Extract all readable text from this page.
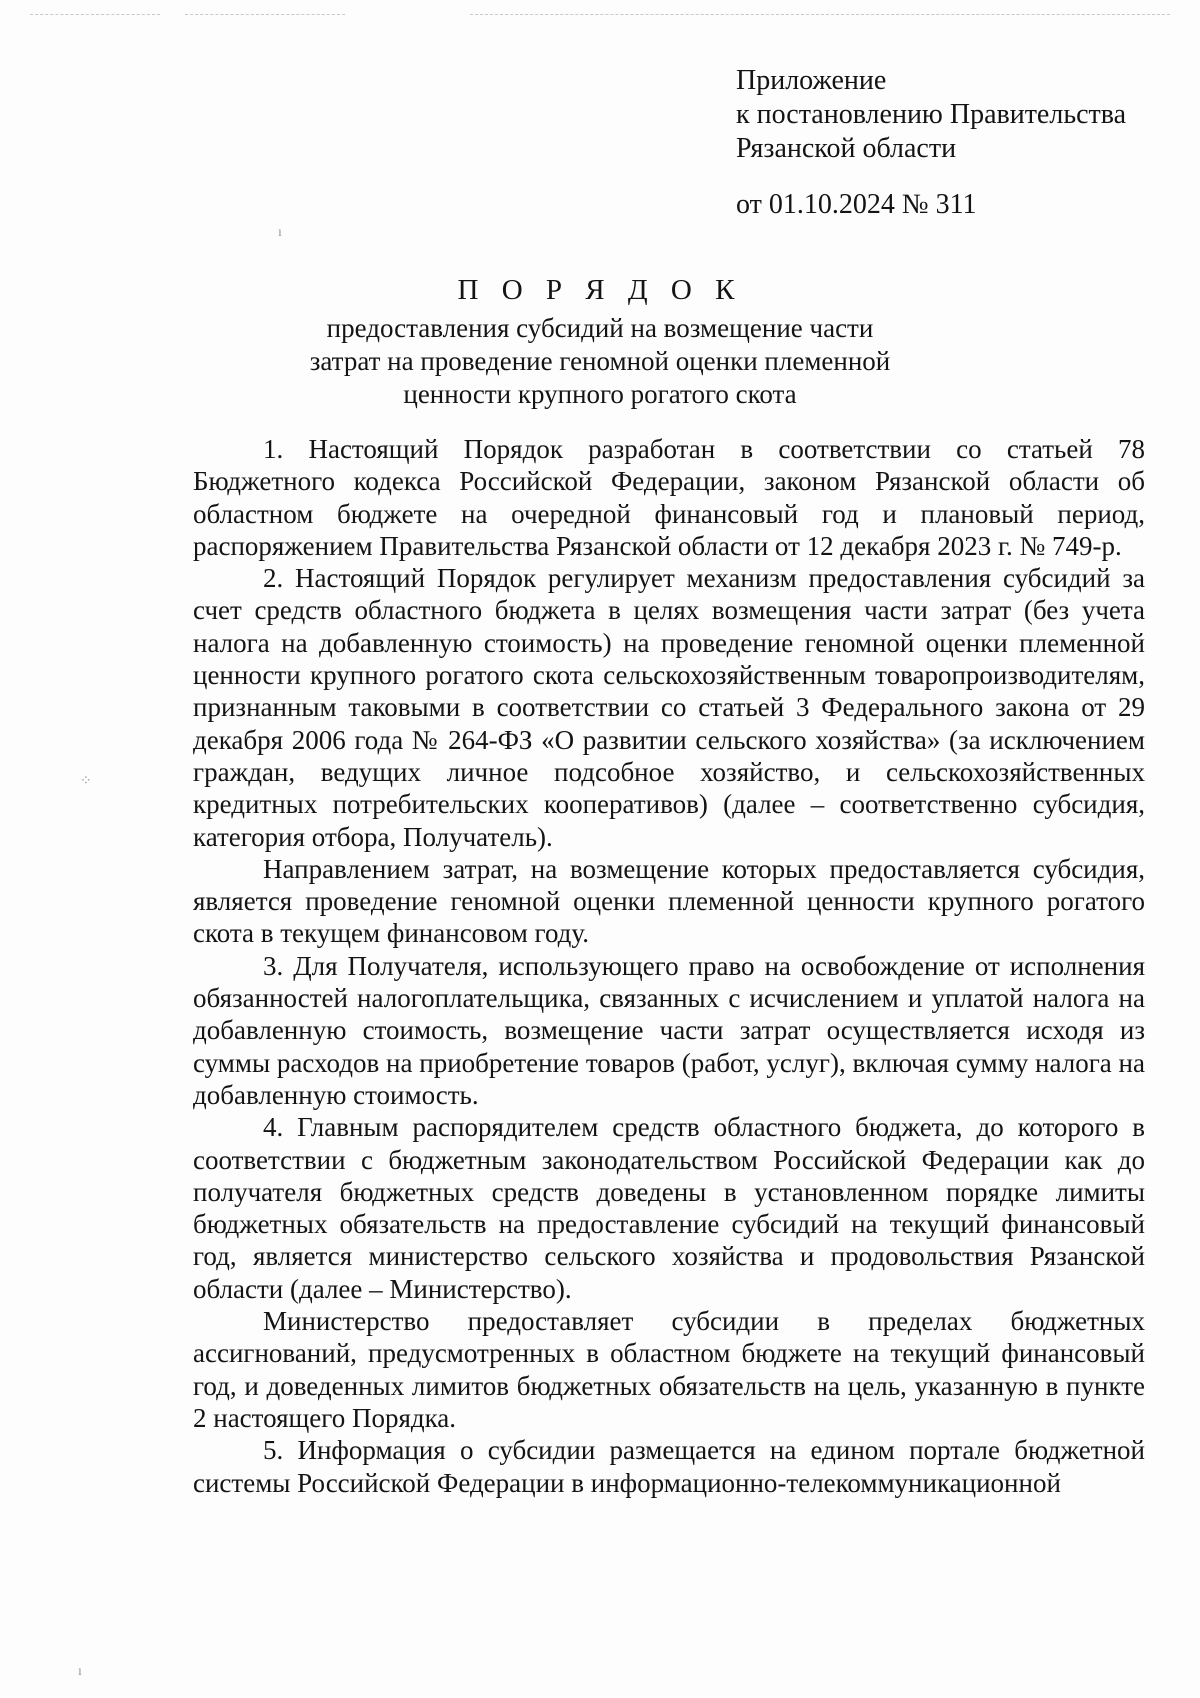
ı
⁘
ı
Приложение
к постановлению Правительства
Рязанской области
от 01.10.2024 № 311
П О Р Я Д О К
предоставления субсидий на возмещение части
затрат на проведение геномной оценки племенной
ценности крупного рогатого скота

1. Настоящий Порядок разработан в соответствии со статьей 78 Бюджетного кодекса Российской Федерации, законом Рязанской области об областном бюджете на очередной финансовый год и плановый период, распоряжением Правительства Рязанской области от 12 декабря 2023 г. № 749-р.

2. Настоящий Порядок регулирует механизм предоставления субсидий за счет средств областного бюджета в целях возмещения части затрат (без учета налога на добавленную стоимость) на проведение геномной оценки племенной ценности крупного рогатого скота сельскохозяйственным товаропроизводителям, признанным таковыми в соответствии со статьей 3 Федерального закона от 29 декабря 2006 года № 264-ФЗ «О развитии сельского хозяйства» (за исключением граждан, ведущих личное подсобное хозяйство, и сельскохозяйственных кредитных потребительских кооперативов) (далее – соответственно субсидия, категория отбора, Получатель).

Направлением затрат, на возмещение которых предоставляется субсидия, является проведение геномной оценки племенной ценности крупного рогатого скота в текущем финансовом году.

3. Для Получателя, использующего право на освобождение от исполнения обязанностей налогоплательщика, связанных с исчислением и уплатой налога на добавленную стоимость, возмещение части затрат осуществляется исходя из суммы расходов на приобретение товаров (работ, услуг), включая сумму налога на добавленную стоимость.

4. Главным распорядителем средств областного бюджета, до которого в соответствии с бюджетным законодательством Российской Федерации как до получателя бюджетных средств доведены в установленном порядке лимиты бюджетных обязательств на предоставление субсидий на текущий финансовый год, является министерство сельского хозяйства и продовольствия Рязанской области (далее – Министерство).

Министерство предоставляет субсидии в пределах бюджетных ассигнований, предусмотренных в областном бюджете на текущий финансовый год, и доведенных лимитов бюджетных обязательств на цель, указанную в пункте 2 настоящего Порядка.

5. Информация о субсидии размещается на едином портале бюджетной системы Российской Федерации в информационно-телекоммуникационной
